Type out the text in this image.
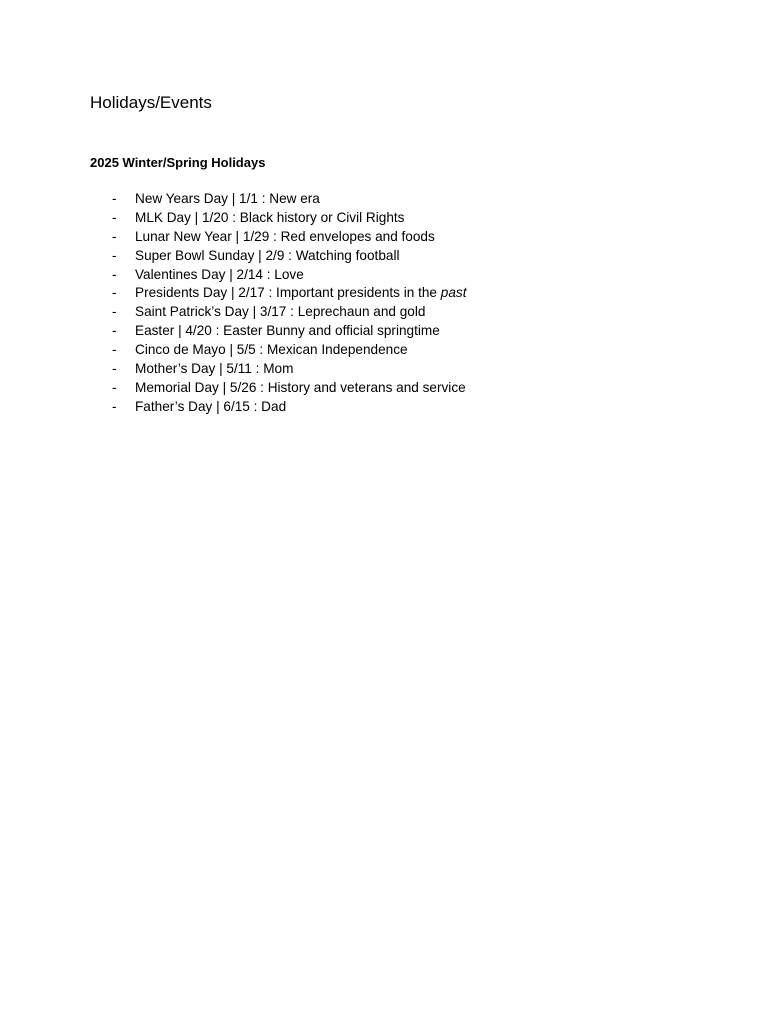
Holidays/Events
2025 Winter/Spring Holidays
- New Years Day | 1/1 : New era
- MLK Day | 1/20 : Black history or Civil Rights
- Lunar New Year | 1/29 : Red envelopes and foods
- Super Bowl Sunday | 2/9 : Watching football
- Valentines Day | 2/14 : Love
- Presidents Day | 2/17 : Important presidents in the past
- Saint Patrick’s Day | 3/17 : Leprechaun and gold
- Easter | 4/20 : Easter Bunny and official springtime
- Cinco de Mayo | 5/5 : Mexican Independence
- Mother’s Day | 5/11 : Mom
- Memorial Day | 5/26 : History and veterans and service
- Father’s Day | 6/15 : Dad
